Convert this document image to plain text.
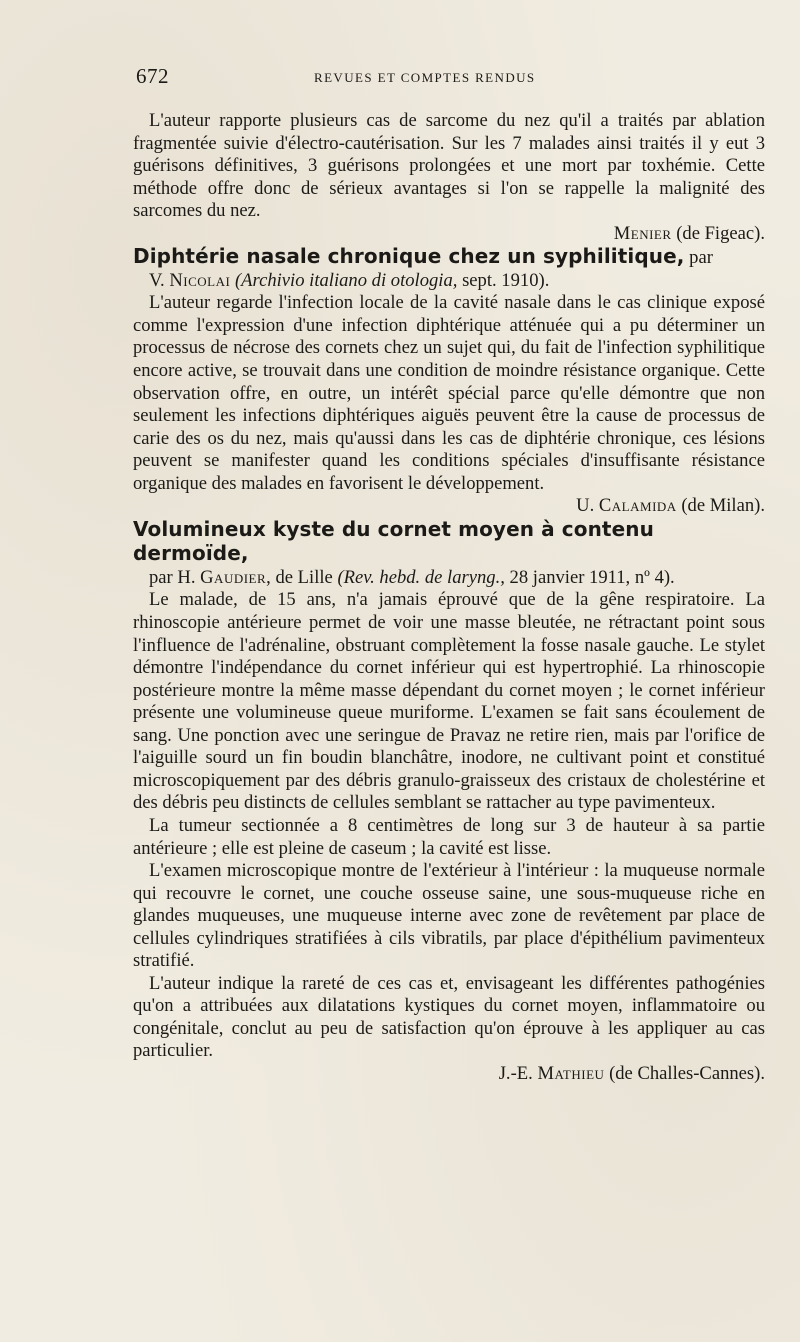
672	REVUES ET COMPTES RENDUS

L'auteur rapporte plusieurs cas de sarcome du nez qu'il a traités par ablation fragmentée suivie d'électro-cautérisation. Sur les 7 malades ainsi traités il y eut 3 guérisons définitives, 3 guérisons prolongées et une mort par toxhémie. Cette méthode offre donc de sérieux avantages si l'on se rappelle la malignité des sarcomes du nez.

Menier (de Figeac).

Diphtérie nasale chronique chez un syphilitique, par
V. Nicolai (Archivio italiano di otologia, sept. 1910).

L'auteur regarde l'infection locale de la cavité nasale dans le cas clinique exposé comme l'expression d'une infection diphtérique atténuée qui a pu déterminer un processus de nécrose des cornets chez un sujet qui, du fait de l'infection syphilitique encore active, se trouvait dans une condition de moindre résistance organique. Cette observation offre, en outre, un intérêt spécial parce qu'elle démontre que non seulement les infections diphtériques aiguës peuvent être la cause de processus de carie des os du nez, mais qu'aussi dans les cas de diphtérie chronique, ces lésions peuvent se manifester quand les conditions spéciales d'insuffisante résistance organique des malades en favorisent le développement.

U. Calamida (de Milan).

Volumineux kyste du cornet moyen à contenu dermoïde,
par H. Gaudier, de Lille (Rev. hebd. de laryng., 28 janvier 1911, nº 4).

Le malade, de 15 ans, n'a jamais éprouvé que de la gêne respiratoire. La rhinoscopie antérieure permet de voir une masse bleutée, ne rétractant point sous l'influence de l'adrénaline, obstruant complètement la fosse nasale gauche. Le stylet démontre l'indépendance du cornet inférieur qui est hypertrophié. La rhinoscopie postérieure montre la même masse dépendant du cornet moyen ; le cornet inférieur présente une volumineuse queue muriforme. L'examen se fait sans écoulement de sang. Une ponction avec une seringue de Pravaz ne retire rien, mais par l'orifice de l'aiguille sourd un fin boudin blanchâtre, inodore, ne cultivant point et constitué microscopiquement par des débris granulo-graisseux des cristaux de cholestérine et des débris peu distincts de cellules semblant se rattacher au type pavimenteux.

La tumeur sectionnée a 8 centimètres de long sur 3 de hauteur à sa partie antérieure ; elle est pleine de caseum ; la cavité est lisse.

L'examen microscopique montre de l'extérieur à l'intérieur : la muqueuse normale qui recouvre le cornet, une couche osseuse saine, une sous-muqueuse riche en glandes muqueuses, une muqueuse interne avec zone de revêtement par place de cellules cylindriques stratifiées à cils vibratils, par place d'épithélium pavimenteux stratifié.

L'auteur indique la rareté de ces cas et, envisageant les différentes pathogénies qu'on a attribuées aux dilatations kystiques du cornet moyen, inflammatoire ou congénitale, conclut au peu de satisfaction qu'on éprouve à les appliquer au cas particulier.

J.-E. Mathieu (de Challes-Cannes).
